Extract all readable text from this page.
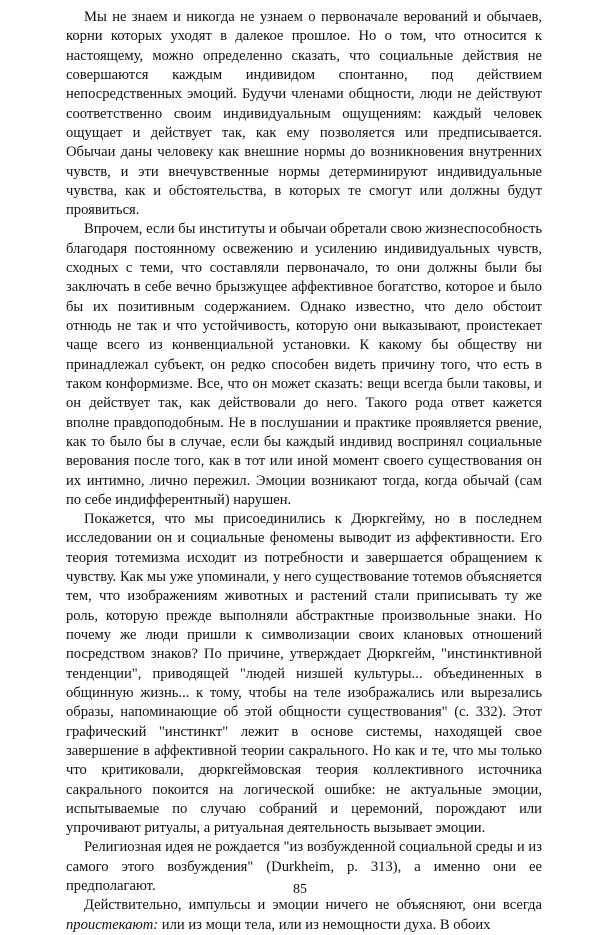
Мы не знаем и никогда не узнаем о первоначале верований и обычаев, корни которых уходят в далекое прошлое. Но о том, что относится к настоящему, можно определенно сказать, что социальные действия не совершаются каждым индивидом спонтанно, под действием непосредственных эмоций. Будучи членами общности, люди не действуют соответственно своим индивидуальным ощущениям: каждый человек ощущает и действует так, как ему позволяется или предписывается. Обычаи даны человеку как внешние нормы до возникновения внутренних чувств, и эти внечувственные нормы детерминируют индивидуальные чувства, как и обстоятельства, в которых те смогут или должны будут проявиться.

Впрочем, если бы институты и обычаи обретали свою жизнеспособность благодаря постоянному освежению и усилению индивидуальных чувств, сходных с теми, что составляли первоначало, то они должны были бы заключать в себе вечно брызжущее аффективное богатство, которое и было бы их позитивным содержанием. Однако известно, что дело обстоит отнюдь не так и что устойчивость, которую они выказывают, проистекает чаще всего из конвенциальной установки. К какому бы обществу ни принадлежал субъект, он редко способен видеть причину того, что есть в таком конформизме. Все, что он может сказать: вещи всегда были таковы, и он действует так, как действовали до него. Такого рода ответ кажется вполне правдоподобным. Не в послушании и практике проявляется рвение, как то было бы в случае, если бы каждый индивид воспринял социальные верования после того, как в тот или иной момент своего существования он их интимно, лично пережил. Эмоции возникают тогда, когда обычай (сам по себе индифферентный) нарушен.

Покажется, что мы присоединились к Дюркгейму, но в последнем исследовании он и социальные феномены выводит из аффективности. Его теория тотемизма исходит из потребности и завершается обращением к чувству. Как мы уже упоминали, у него существование тотемов объясняется тем, что изображениям животных и растений стали приписывать ту же роль, которую прежде выполняли абстрактные произвольные знаки. Но почему же люди пришли к символизации своих клановых отношений посредством знаков? По причине, утверждает Дюркгейм, "инстинктивной тенденции", приводящей "людей низшей культуры... объединенных в общинную жизнь... к тому, чтобы на теле изображались или вырезались образы, напоминающие об этой общности существования" (с. 332). Этот графический "инстинкт" лежит в основе системы, находящей свое завершение в аффективной теории сакрального. Но как и те, что мы только что критиковали, дюркгеймовская теория коллективного источника сакрального покоится на логической ошибке: не актуальные эмоции, испытываемые по случаю собраний и церемоний, порождают или упрочивают ритуалы, а ритуальная деятельность вызывает эмоции.

Религиозная идея не рождается "из возбужденной социальной среды и из самого этого возбуждения" (Durkheim, p. 313), а именно они ее предполагают.

Действительно, импульсы и эмоции ничего не объясняют, они всегда проистекают: или из мощи тела, или из немощности духа. В обоих

85
